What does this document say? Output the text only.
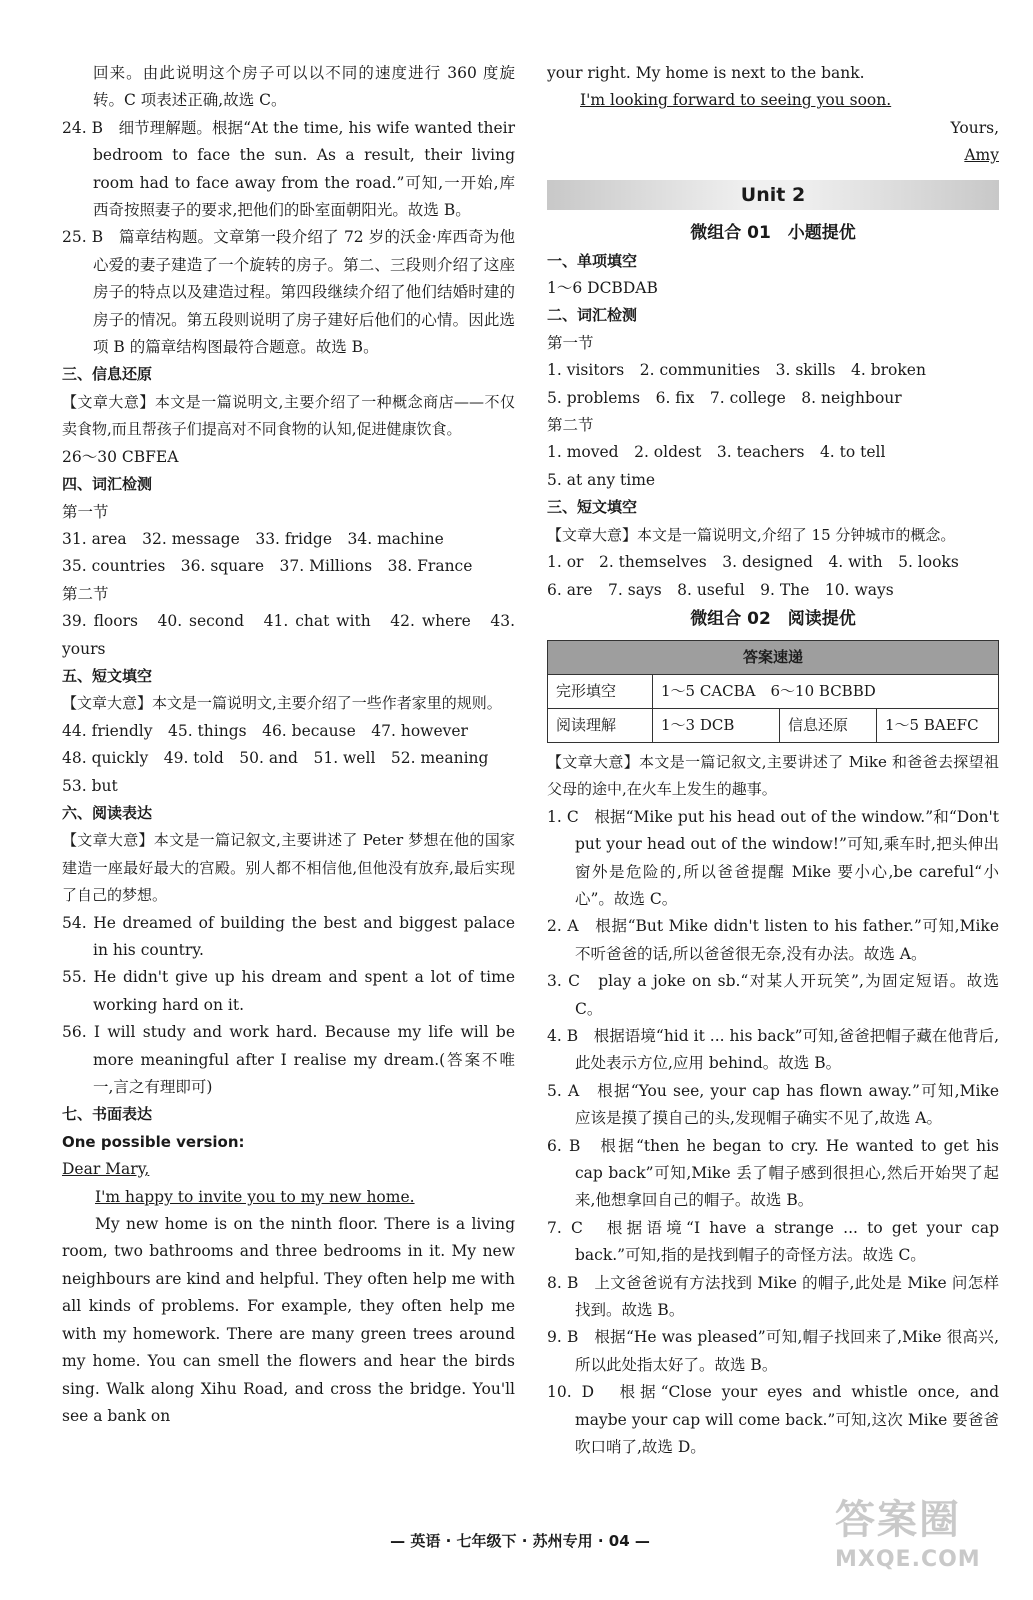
回来。由此说明这个房子可以以不同的速度进行 360 度旋转。C 项表述正确,故选 C。

24. B　细节理解题。根据“At the time, his wife wanted their bedroom to face the sun. As a result, their living room had to face away from the road.”可知,一开始,库西奇按照妻子的要求,把他们的卧室面朝阳光。故选 B。

25. B　篇章结构题。文章第一段介绍了 72 岁的沃金·库西奇为他心爱的妻子建造了一个旋转的房子。第二、三段则介绍了这座房子的特点以及建造过程。第四段继续介绍了他们结婚时建的房子的情况。第五段则说明了房子建好后他们的心情。因此选项 B 的篇章结构图最符合题意。故选 B。

三、信息还原

【文章大意】本文是一篇说明文,主要介绍了一种概念商店——不仅卖食物,而且帮孩子们提高对不同食物的认知,促进健康饮食。

26～30 CBFEA

四、词汇检测

第一节

31. area　32. message　33. fridge　34. machine

35. countries　36. square　37. Millions　38. France

第二节

39. floors　40. second　41. chat with　42. where　43. yours

五、短文填空

【文章大意】本文是一篇说明文,主要介绍了一些作者家里的规则。

44. friendly　45. things　46. because　47. however

48. quickly　49. told　50. and　51. well　52. meaning

53. but

六、阅读表达

【文章大意】本文是一篇记叙文,主要讲述了 Peter 梦想在他的国家建造一座最好最大的宫殿。别人都不相信他,但他没有放弃,最后实现了自己的梦想。

54. He dreamed of building the best and biggest palace in his country.

55. He didn't give up his dream and spent a lot of time working hard on it.

56. I will study and work hard. Because my life will be more meaningful after I realise my dream.(答案不唯一,言之有理即可)

七、书面表达

One possible version:

Dear Mary,

I'm happy to invite you to my new home.

My new home is on the ninth floor. There is a living room, two bathrooms and three bedrooms in it. My new neighbours are kind and helpful. They often help me with all kinds of problems. For example, they often help me with my homework. There are many green trees around my home. You can smell the flowers and hear the birds sing. Walk along Xihu Road, and cross the bridge. You'll see a bank on

your right. My home is next to the bank.

I'm looking forward to seeing you soon.

Yours,

Amy

Unit 2
微组合 01　小题提优

一、单项填空

1～6 DCBDAB

二、词汇检测

第一节

1. visitors　2. communities　3. skills　4. broken

5. problems　6. fix　7. college　8. neighbour

第二节

1. moved　2. oldest　3. teachers　4. to tell

5. at any time

三、短文填空

【文章大意】本文是一篇说明文,介绍了 15 分钟城市的概念。

1. or　2. themselves　3. designed　4. with　5. looks

6. are　7. says　8. useful　9. The　10. ways

微组合 02　阅读提优
答案速递			
完形填空	1～5 CACBA　6～10 BCBBD		
阅读理解	1～3 DCB	信息还原	1～5 BAEFC

【文章大意】本文是一篇记叙文,主要讲述了 Mike 和爸爸去探望祖父母的途中,在火车上发生的趣事。

1. C　根据“Mike put his head out of the window.”和“Don't put your head out of the window!”可知,乘车时,把头伸出窗外是危险的,所以爸爸提醒 Mike 要小心,be careful“小心”。故选 C。

2. A　根据“But Mike didn't listen to his father.”可知,Mike 不听爸爸的话,所以爸爸很无奈,没有办法。故选 A。

3. C　play a joke on sb.“对某人开玩笑”,为固定短语。故选 C。

4. B　根据语境“hid it ... his back”可知,爸爸把帽子藏在他背后,此处表示方位,应用 behind。故选 B。

5. A　根据“You see, your cap has flown away.”可知,Mike 应该是摸了摸自己的头,发现帽子确实不见了,故选 A。

6. B　根据“then he began to cry. He wanted to get his cap back”可知,Mike 丢了帽子感到很担心,然后开始哭了起来,他想拿回自己的帽子。故选 B。

7. C　根据语境“I have a strange ... to get your cap back.”可知,指的是找到帽子的奇怪方法。故选 C。

8. B　上文爸爸说有方法找到 Mike 的帽子,此处是 Mike 问怎样找到。故选 B。

9. B　根据“He was pleased”可知,帽子找回来了,Mike 很高兴,所以此处指太好了。故选 B。

10. D　根据“Close your eyes and whistle once, and maybe your cap will come back.”可知,这次 Mike 要爸爸吹口哨了,故选 D。

— 英语 · 七年级下 · 苏州专用 · 04 —	答案圈
MXQE.COM
